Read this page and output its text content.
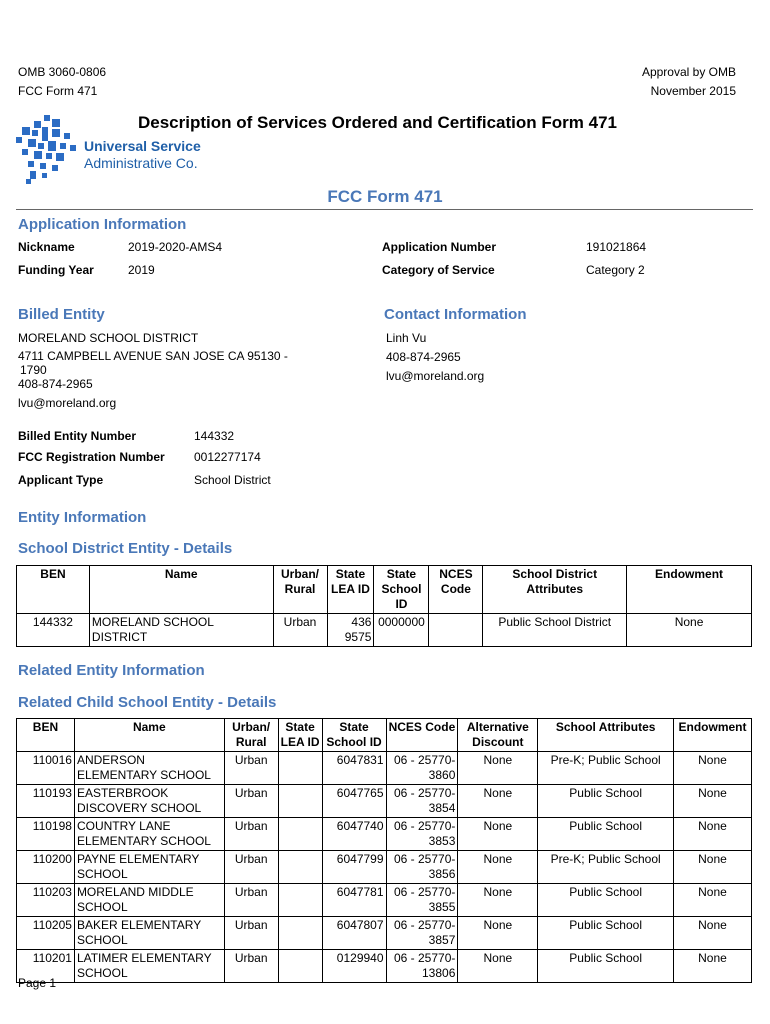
OMB 3060-0806
FCC Form 471
Approval by OMB
November 2015
Universal Service
Administrative Co.
Description of Services Ordered and Certification Form 471
FCC Form 471
Application Information
Nickname	2019-2020-AMS4
Funding Year	2019
Application Number	191021864
Category of Service	Category 2
Billed Entity
MORELAND SCHOOL DISTRICT
4711 CAMPBELL AVENUE SAN JOSE CA 95130 -
1790
408-874-2965
lvu@moreland.org
Billed Entity Number	144332
FCC Registration Number 0012277174
Applicant Type	School District
Contact Information
Linh Vu
408-874-2965
lvu@moreland.org
Entity Information
School District Entity - Details
BEN	Name	Urban/ Rural	State LEA ID	State School ID	NCES Code	School District Attributes	Endowment
144332	MORELAND SCHOOL DISTRICT	Urban	436 9575	0000000		Public School District	None
Related Entity Information
Related Child School Entity - Details
BEN	Name	Urban/ Rural	State LEA ID	State School ID	NCES Code	Alternative Discount	School Attributes	Endowment
110016	ANDERSON ELEMENTARY SCHOOL	Urban		6047831	06 - 25770-3860	None	Pre-K; Public School	None
110193	EASTERBROOK DISCOVERY SCHOOL	Urban		6047765	06 - 25770-3854	None	Public School	None
110198	COUNTRY LANE ELEMENTARY SCHOOL	Urban		6047740	06 - 25770-3853	None	Public School	None
110200	PAYNE ELEMENTARY SCHOOL	Urban		6047799	06 - 25770-3856	None	Pre-K; Public School	None
110203	MORELAND MIDDLE SCHOOL	Urban		6047781	06 - 25770-3855	None	Public School	None
110205	BAKER ELEMENTARY SCHOOL	Urban		6047807	06 - 25770-3857	None	Public School	None
110201	LATIMER ELEMENTARY SCHOOL	Urban		0129940	06 - 25770-13806	None	Public School	None
Page 1
